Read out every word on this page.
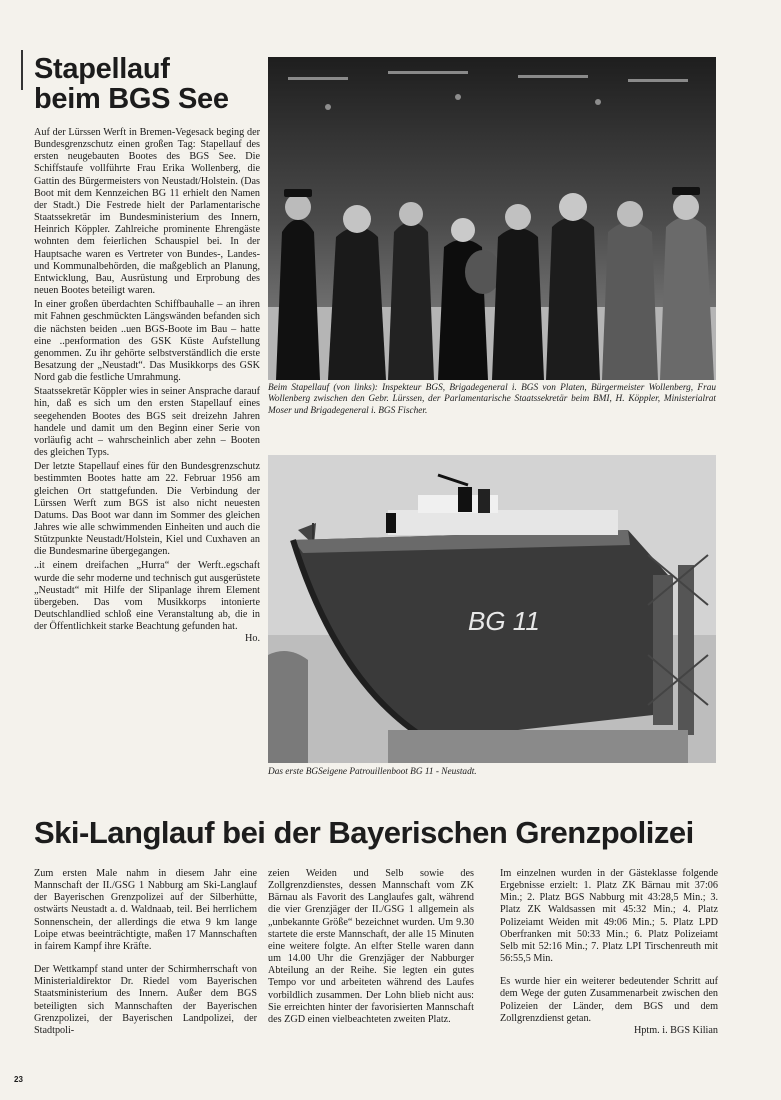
Stapellauf
beim BGS See

Auf der Lürssen Werft in Bremen-Vegesack beging der Bundesgrenzschutz einen großen Tag: Stapellauf des ersten neugebauten Bootes des BGS See. Die Schiffstaufe vollführte Frau Erika Wollenberg, die Gattin des Bürgermeisters von Neustadt/Holstein. (Das Boot mit dem Kennzeichen BG 11 erhielt den Namen der Stadt.) Die Festrede hielt der Parlamentarische Staatssekretär im Bundesministerium des Innern, Heinrich Köppler. Zahlreiche prominente Ehrengäste wohnten dem feierlichen Schauspiel bei. In der Hauptsache waren es Vertreter von Bundes-, Landes- und Kommunalbehörden, die maßgeblich an Planung, Entwicklung, Bau, Ausrüstung und Erprobung des neuen Bootes beteiligt waren.

In einer großen überdachten Schiffbauhalle – an ihren mit Fahnen geschmückten Längswänden befanden sich die nächsten beiden ..uen BGS-Boote im Bau – hatte eine ..ренformation des GSK Küste Aufstellung genommen. Zu ihr gehörte selbstverständlich die erste Besatzung der „Neustadt“. Das Musikkorps des GSK Nord gab die festliche Umrahmung.

Staatssekretär Köppler wies in seiner Ansprache darauf hin, daß es sich um den ersten Stapellauf eines seegehenden Bootes des BGS seit dreizehn Jahren handele und damit um den Beginn einer Serie von vorläufig acht – wahrscheinlich aber zehn – Booten des gleichen Typs.

Der letzte Stapellauf eines für den Bundesgrenzschutz bestimmten Bootes hatte am 22. Februar 1956 am gleichen Ort stattgefunden. Die Verbindung der Lürssen Werft zum BGS ist also nicht neuesten Datums. Das Boot war dann im Sommer des gleichen Jahres wie alle schwimmenden Einheiten und auch die Stützpunkte Neustadt/Holstein, Kiel und Cuxhaven an die Bundesmarine übergegangen.

..it einem dreifachen „Hurra“ der Werft..egschaft wurde die sehr moderne und technisch gut ausgerüstete „Neustadt“ mit Hilfe der Slipanlage ihrem Element übergeben. Das vom Musikkorps intonierte Deutschlandlied schloß eine Veranstaltung ab, die in der Öffentlichkeit starke Beachtung gefunden hat.

Ho.

Beim Stapellauf (von links): Inspekteur BGS, Brigadegeneral i. BGS von Platen, Bürgermeister Wollenberg, Frau Wollenberg zwischen den Gebr. Lürssen, der Parlamentarische Staatssekretär beim BMI, H. Köppler, Ministerialrat Moser und Brigadegeneral i. BGS Fischer.
BG 11
Das erste BGSeigene Patrouillenboot BG 11 - Neustadt.
Ski-Langlauf bei der Bayerischen Grenzpolizei

Zum ersten Male nahm in diesem Jahr eine Mannschaft der II./GSG 1 Nabburg am Ski-Langlauf der Bayerischen Grenzpolizei auf der Silberhütte, ostwärts Neustadt a. d. Waldnaab, teil. Bei herrlichem Sonnenschein, der allerdings die etwa 9 km lange Loipe etwas beeinträchtigte, maßen 17 Mannschaften in fairem Kampf ihre Kräfte.

Der Wettkampf stand unter der Schirmherrschaft von Ministerialdirektor Dr. Riedel vom Bayerischen Staatsministerium des Innern. Außer dem BGS beteiligten sich Mannschaften der Bayerischen Grenzpolizei, der Bayerischen Landpolizei, der Stadtpoli-

zeien Weiden und Selb sowie des Zollgrenzdienstes, dessen Mannschaft vom ZK Bärnau als Favorit des Langlaufes galt, während die vier Grenzjäger der II./GSG 1 allgemein als „unbekannte Größe“ bezeichnet wurden. Um 9.30 startete die erste Mannschaft, der alle 15 Minuten eine weitere folgte. An elfter Stelle waren dann um 14.00 Uhr die Grenzjäger der Nabburger Abteilung an der Reihe. Sie legten ein gutes Tempo vor und arbeiteten während des Laufes vorbildlich zusammen. Der Lohn blieb nicht aus: Sie erreichten hinter der favorisierten Mannschaft des ZGD einen vielbeachteten zweiten Platz.

Im einzelnen wurden in der Gästeklasse folgende Ergebnisse erzielt: 1. Platz ZK Bärnau mit 37:06 Min.; 2. Platz BGS Nabburg mit 43:28,5 Min.; 3. Platz ZK Waldsassen mit 45:32 Min.; 4. Platz Polizeiamt Weiden mit 49:06 Min.; 5. Platz LPD Oberfranken mit 50:33 Min.; 6. Platz Polizeiamt Selb mit 52:16 Min.; 7. Platz LPI Tirschenreuth mit 56:55,5 Min.

Es wurde hier ein weiterer bedeutender Schritt auf dem Wege der guten Zusammenarbeit zwischen den Polizeien der Länder, dem BGS und dem Zollgrenzdienst getan.

Hptm. i. BGS Kilian

23
